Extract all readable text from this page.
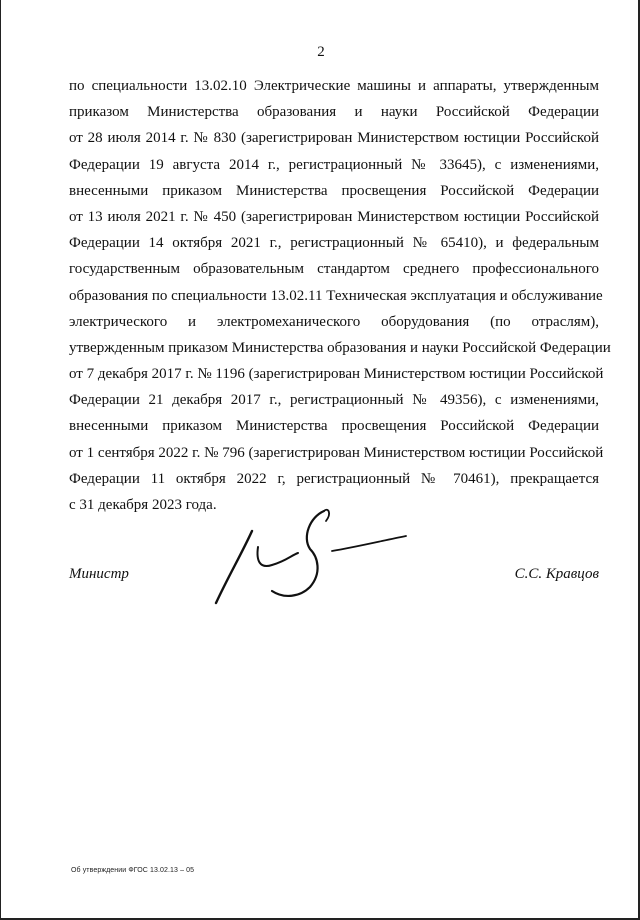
2
по специальности 13.02.10 Электрические машины и аппараты, утвержденным
приказом Министерства образования и науки Российской Федерации
от 28 июля 2014 г. № 830 (зарегистрирован Министерством юстиции Российской
Федерации 19 августа 2014 г., регистрационный № 33645), с изменениями,
внесенными приказом Министерства просвещения Российской Федерации
от 13 июля 2021 г. № 450 (зарегистрирован Министерством юстиции Российской
Федерации 14 октября 2021 г., регистрационный № 65410), и федеральным
государственным образовательным стандартом среднего профессионального
образования по специальности 13.02.11 Техническая эксплуатация и обслуживание
электрического и электромеханического оборудования (по отраслям),
утвержденным приказом Министерства образования и науки Российской Федерации
от 7 декабря 2017 г. № 1196 (зарегистрирован Министерством юстиции Российской
Федерации 21 декабря 2017 г., регистрационный № 49356), с изменениями,
внесенными приказом Министерства просвещения Российской Федерации
от 1 сентября 2022 г. № 796 (зарегистрирован Министерством юстиции Российской
Федерации 11 октября 2022 г, регистрационный № 70461), прекращается
с 31 декабря 2023 года.
Министр	С.С. Кравцов
Об утверждении ФГОС 13.02.13 – 05
